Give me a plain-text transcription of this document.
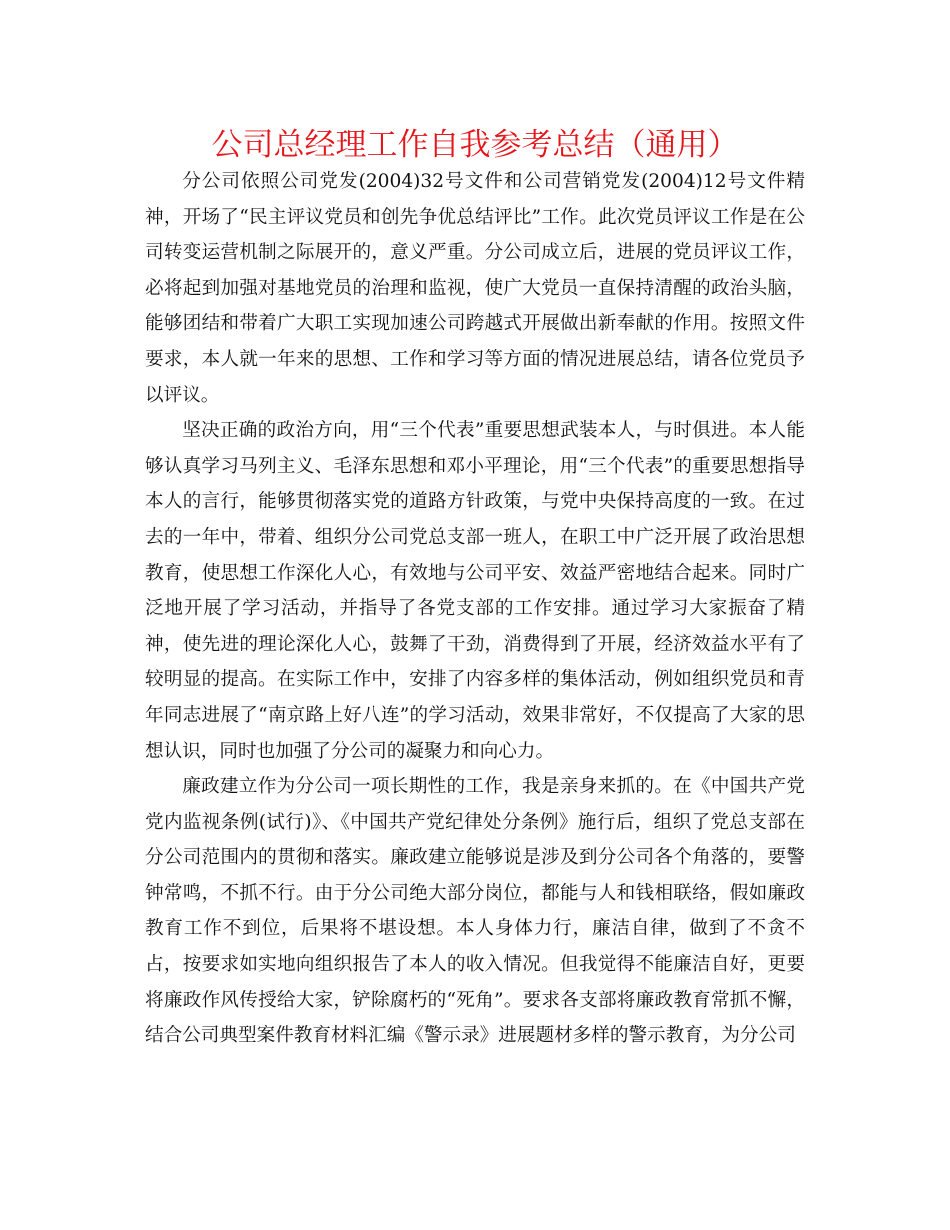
公司总经理工作自我参考总结（通用）

分公司依照公司党发(2004)32号文件和公司营销党发(2004)12号文件精神，开场了“民主评议党员和创先争优总结评比”工作。此次党员评议工作是在公司转变运营机制之际展开的，意义严重。分公司成立后，进展的党员评议工作，必将起到加强对基地党员的治理和监视，使广大党员一直保持清醒的政治头脑，能够团结和带着广大职工实现加速公司跨越式开展做出新奉献的作用。按照文件要求，本人就一年来的思想、工作和学习等方面的情况进展总结，请各位党员予以评议。

坚决正确的政治方向，用“三个代表”重要思想武装本人，与时俱进。本人能够认真学习马列主义、毛泽东思想和邓小平理论，用“三个代表”的重要思想指导本人的言行，能够贯彻落实党的道路方针政策，与党中央保持高度的一致。在过去的一年中，带着、组织分公司党总支部一班人，在职工中广泛开展了政治思想教育，使思想工作深化人心，有效地与公司平安、效益严密地结合起来。同时广泛地开展了学习活动，并指导了各党支部的工作安排。通过学习大家振奋了精神，使先进的理论深化人心，鼓舞了干劲，消费得到了开展，经济效益水平有了较明显的提高。在实际工作中，安排了内容多样的集体活动，例如组织党员和青年同志进展了“南京路上好八连”的学习活动，效果非常好，不仅提高了大家的思想认识，同时也加强了分公司的凝聚力和向心力。

廉政建立作为分公司一项长期性的工作，我是亲身来抓的。在《中国共产党党内监视条例(试行)》、《中国共产党纪律处分条例》施行后，组织了党总支部在分公司范围内的贯彻和落实。廉政建立能够说是涉及到分公司各个角落的，要警钟常鸣，不抓不行。由于分公司绝大部分岗位，都能与人和钱相联络，假如廉政教育工作不到位，后果将不堪设想。本人身体力行，廉洁自律，做到了不贪不占，按要求如实地向组织报告了本人的收入情况。但我觉得不能廉洁自好，更要将廉政作风传授给大家，铲除腐朽的“死角”。要求各支部将廉政教育常抓不懈，结合公司典型案件教育材料汇编《警示录》进展题材多样的警示教育，为分公司
